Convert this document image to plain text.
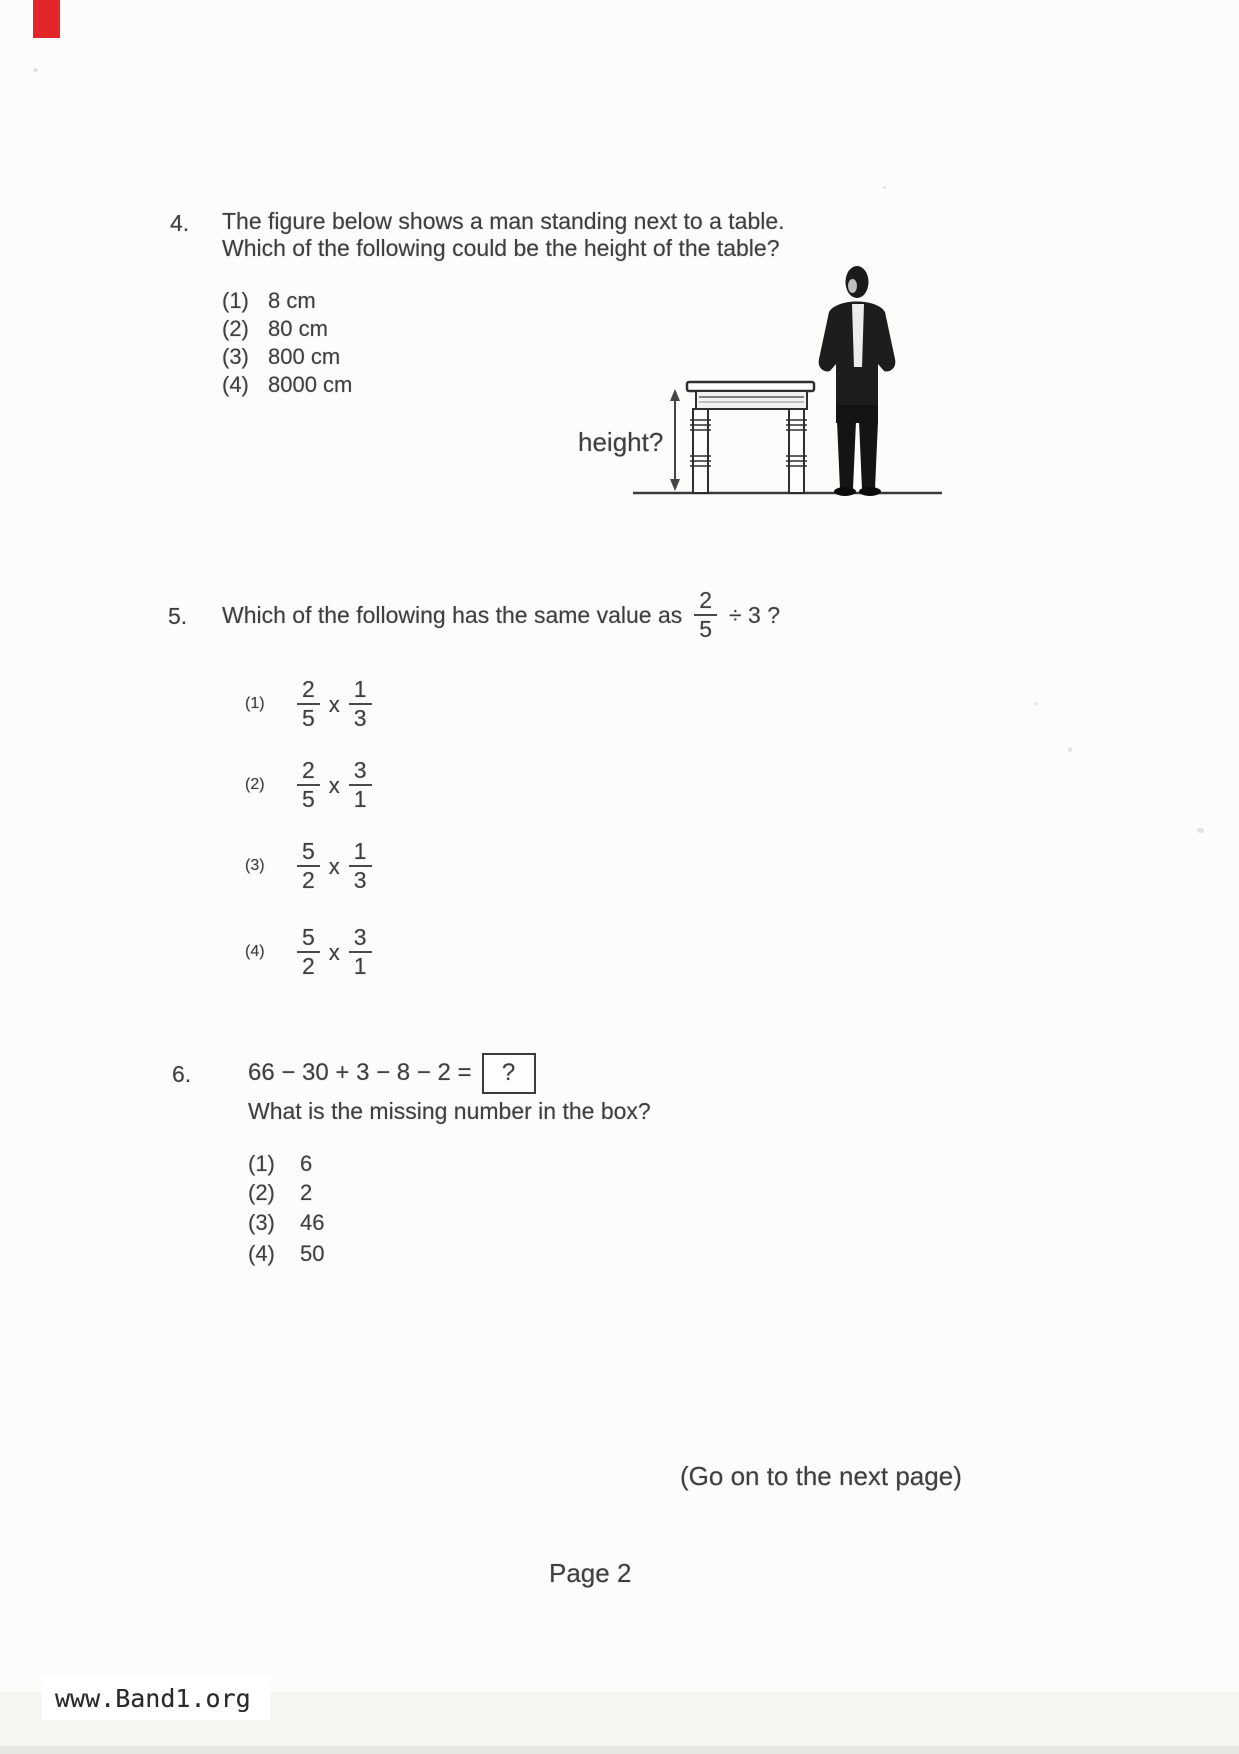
4. The figure below shows a man standing next to a table.
Which of the following could be the height of the table?
(1) 8 cm
(2) 80 cm
(3) 800 cm
(4) 8000 cm
height?
5. Which of the following has the same value as $\frac{2}{5} \div 3$ ?
(1)	$\frac{2}{5}$ x $\frac{1}{3}$
(2)	$\frac{2}{5}$ x $\frac{3}{1}$
(3)	$\frac{5}{2}$ x $\frac{1}{3}$
(4)	$\frac{5}{2}$ x $\frac{3}{1}$
6. 66 − 30 + 3 − 8 − 2 = ?
What is the missing number in the box?
(1)	6
(2)	2
(3)	46
(4)	50
(Go on to the next page)
Page 2
www.Band1.org
